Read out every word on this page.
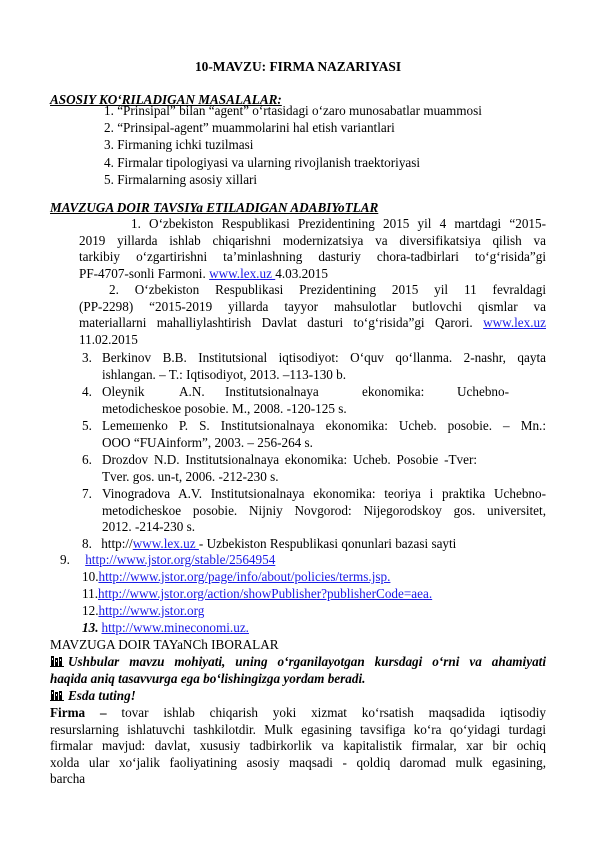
10-MAVZU: FIRMA NAZARIYASI
ASOSIY KO‘RILADIGAN MASALALAR:
1. “Prinsipal” bilan “agent” o‘rtasidagi o‘zaro munosabatlar muammosi
2. “Prinsipal-agent” muammolarini hal etish variantlari
3. Firmaning ichki tuzilmasi
4. Firmalar tipologiyasi va ularning rivojlanish traektoriyasi
5. Firmalarning asosiy xillari
MAVZUGA DOIR TAVSIYa ETILADIGAN ADABIYoTLAR
1. O‘zbekiston Respublikasi Prezidentining 2015 yil 4 martdagi “2015-
2019 yillarda ishlab chiqarishni modernizatsiya va diversifikatsiya qilish va
tarkibiy o‘zgartirishni ta’minlashning dasturiy chora-tadbirlari to‘g‘risida”gi
PF-4707-sonli Farmoni. www.lex.uz 4.03.2015
2. O‘zbekiston Respublikasi Prezidentining 2015 yil 11 fevraldagi
(PP-2298) “2015-2019 yillarda tayyor mahsulotlar butlovchi qismlar va
materiallarni mahalliylashtirish Davlat dasturi to‘g‘risida”gi Qarori. www.lex.uz
11.02.2015
3. Berkinov B.B. Institutsional iqtisodiyot: O‘quv qo‘llanma. 2-nashr, qayta
ishlangan. – T.: Iqtisodiyot, 2013. –113-130 b.
4. Oleynik	A.N. Institutsionalnaya	ekonomika: Uchebno-
metodicheskoe posobie. M., 2008. -120-125 s.
5. Lemeшenko P. S. Institutsionalnaya ekonomika: Ucheb. posobie. – Mn.:
OOO “FUAinform”, 2003. – 256-264 s.
6. Drozdov N.D. Institutsionalnaya ekonomika: Ucheb. Posobie -Tver:
Tver. gos. un-t, 2006. -212-230 s.
7. Vinogradova A.V. Institutsionalnaya ekonomika: teoriya i praktika Uchebno-
metodicheskoe posobie. Nijniy Novgorod: Nijegorodskoy gos. universitet,
2012. -214-230 s.
8. http://www.lex.uz - Uzbekiston Respublikasi qonunlari bazasi sayti
9. http://www.jstor.org/stable/2564954
10.http://www.jstor.org/page/info/about/policies/terms.jsp.
11.http://www.jstor.org/action/showPublisher?publisherCode=aea.
12.http://www.jstor.org
13. http://www.mineconomi.uz.
MAVZUGA DOIR TAYaNCh IBORALAR
Ushbular mavzu mohiyati, uning o‘rganilayotgan kursdagi o‘rni va ahamiyati
haqida aniq tasavvurga ega bo‘lishingizga yordam beradi.
Esda tuting!
Firma – tovar ishlab chiqarish yoki xizmat ko‘rsatish maqsadida iqtisodiy
resurslarning ishlatuvchi tashkilotdir. Mulk egasining tavsifiga ko‘ra qo‘yidagi turdagi
firmalar mavjud: davlat, xususiy tadbirkorlik va kapitalistik firmalar, xar bir ochiq
xolda ular xo‘jalik faoliyatining asosiy maqsadi - qoldiq daromad mulk egasining,
barcha
